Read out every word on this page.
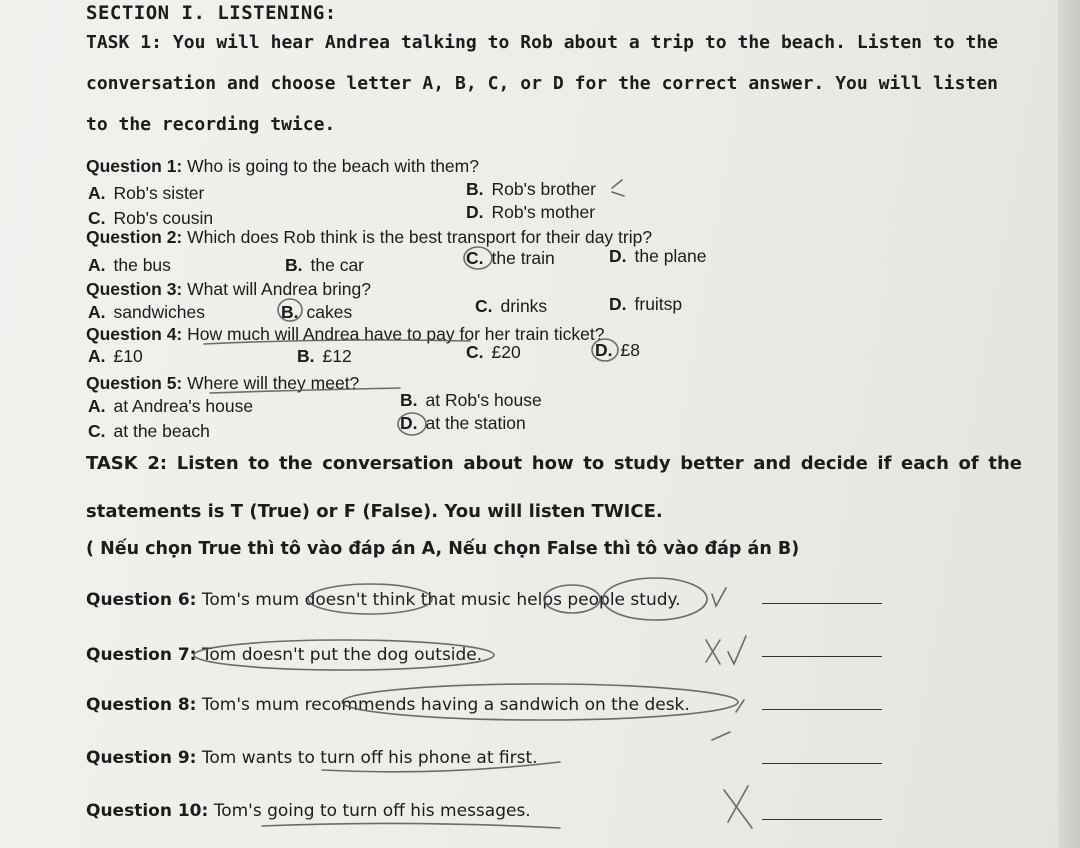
SECTION I. LISTENING:
TASK 1: You will hear Andrea talking to Rob about a trip to the beach. Listen to the conversation and choose letter A, B, C, or D for the correct answer. You will listen to the recording twice.
Question 1: Who is going to the beach with them?
A. Rob's sister	B. Rob's brother
C. Rob's cousin	D. Rob's mother
Question 2: Which does Rob think is the best transport for their day trip?
A. the bus	B. the car	C. the train	D. the plane
Question 3: What will Andrea bring?
A. sandwiches	B. cakes	C. drinks	D. fruitsp
Question 4: How much will Andrea have to pay for her train ticket?
A. £10	B. £12	C. £20	D. £8
Question 5: Where will they meet?
A. at Andrea's house	B. at Rob's house
C. at the beach	D. at the station
TASK 2: Listen to the conversation about how to study better and decide if each of the statements is T (True) or F (False). You will listen TWICE.
( Nếu chọn True thì tô vào đáp án A, Nếu chọn False thì tô vào đáp án B)
Question 6: Tom's mum doesn't think that music helps people study.
Question 7: Tom doesn't put the dog outside.
Question 8: Tom's mum recommends having a sandwich on the desk.
Question 9: Tom wants to turn off his phone at first.
Question 10: Tom's going to turn off his messages.
